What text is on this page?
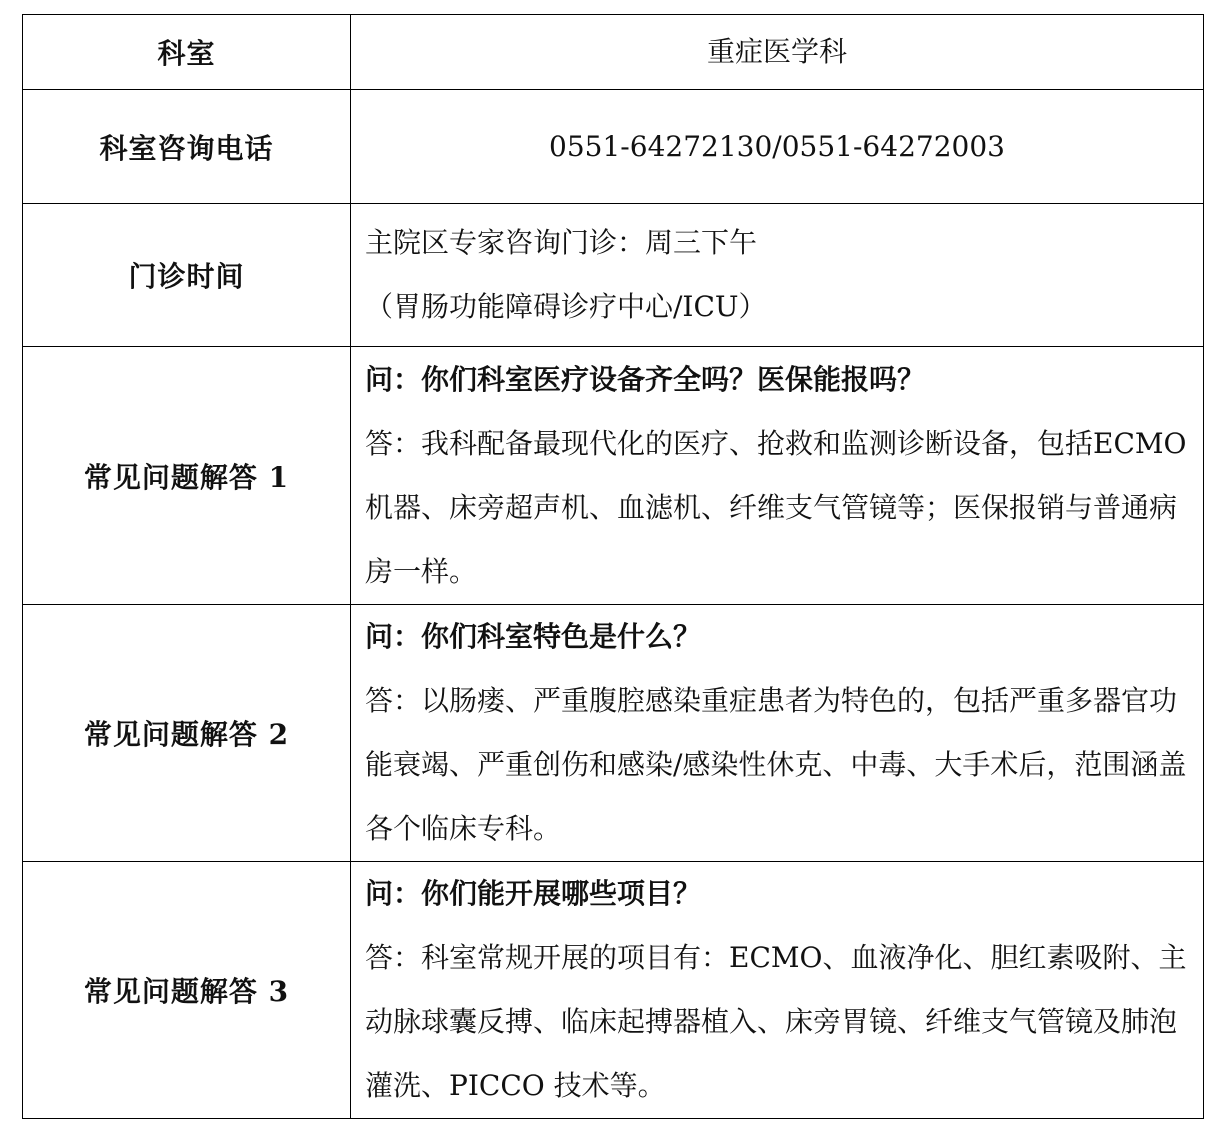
科室	重症医学科
科室咨询电话	0551-64272130/0551-64272003
门诊时间	主院区专家咨询门诊：周三下午
（胃肠功能障碍诊疗中心/ICU）

常见问题解答 1	问：你们科室医疗设备齐全吗？医保能报吗？
答：我科配备最现代化的医疗、抢救和监测诊断设备，包括ECMO 机器、床旁超声机、血滤机、纤维支气管镜等；医保报销与普通病房一样。

常见问题解答 2	问：你们科室特色是什么？
答：以肠瘘、严重腹腔感染重症患者为特色的，包括严重多器官功能衰竭、严重创伤和感染/感染性休克、中毒、大手术后，范围涵盖各个临床专科。

常见问题解答 3	问：你们能开展哪些项目？
答：科室常规开展的项目有：ECMO、血液净化、胆红素吸附、主动脉球囊反搏、临床起搏器植入、床旁胃镜、纤维支气管镜及肺泡灌洗、PICCO 技术等。
